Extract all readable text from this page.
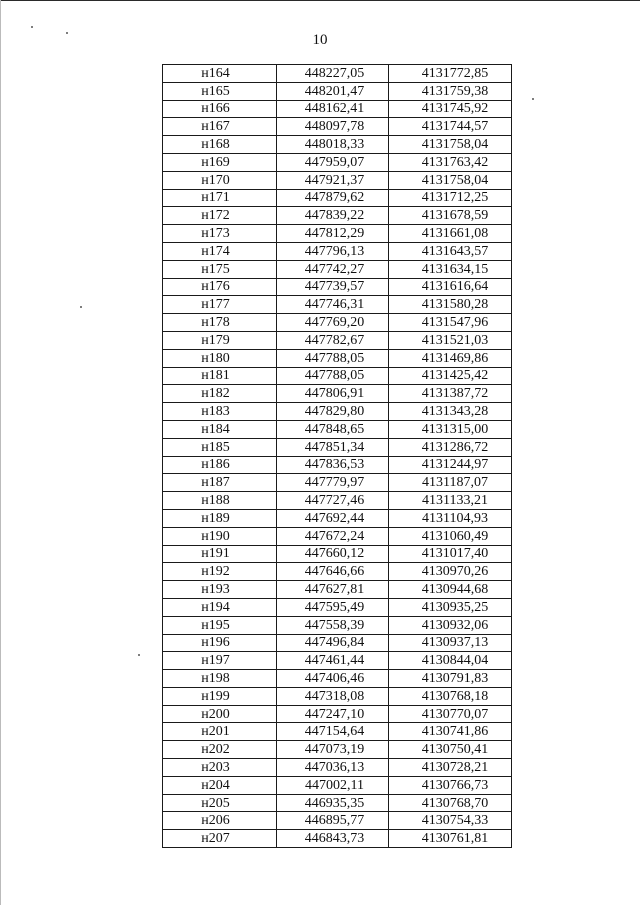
10
н164	448227,05	4131772,85
н165	448201,47	4131759,38
н166	448162,41	4131745,92
н167	448097,78	4131744,57
н168	448018,33	4131758,04
н169	447959,07	4131763,42
н170	447921,37	4131758,04
н171	447879,62	4131712,25
н172	447839,22	4131678,59
н173	447812,29	4131661,08
н174	447796,13	4131643,57
н175	447742,27	4131634,15
н176	447739,57	4131616,64
н177	447746,31	4131580,28
н178	447769,20	4131547,96
н179	447782,67	4131521,03
н180	447788,05	4131469,86
н181	447788,05	4131425,42
н182	447806,91	4131387,72
н183	447829,80	4131343,28
н184	447848,65	4131315,00
н185	447851,34	4131286,72
н186	447836,53	4131244,97
н187	447779,97	4131187,07
н188	447727,46	4131133,21
н189	447692,44	4131104,93
н190	447672,24	4131060,49
н191	447660,12	4131017,40
н192	447646,66	4130970,26
н193	447627,81	4130944,68
н194	447595,49	4130935,25
н195	447558,39	4130932,06
н196	447496,84	4130937,13
н197	447461,44	4130844,04
н198	447406,46	4130791,83
н199	447318,08	4130768,18
н200	447247,10	4130770,07
н201	447154,64	4130741,86
н202	447073,19	4130750,41
н203	447036,13	4130728,21
н204	447002,11	4130766,73
н205	446935,35	4130768,70
н206	446895,77	4130754,33
н207	446843,73	4130761,81
